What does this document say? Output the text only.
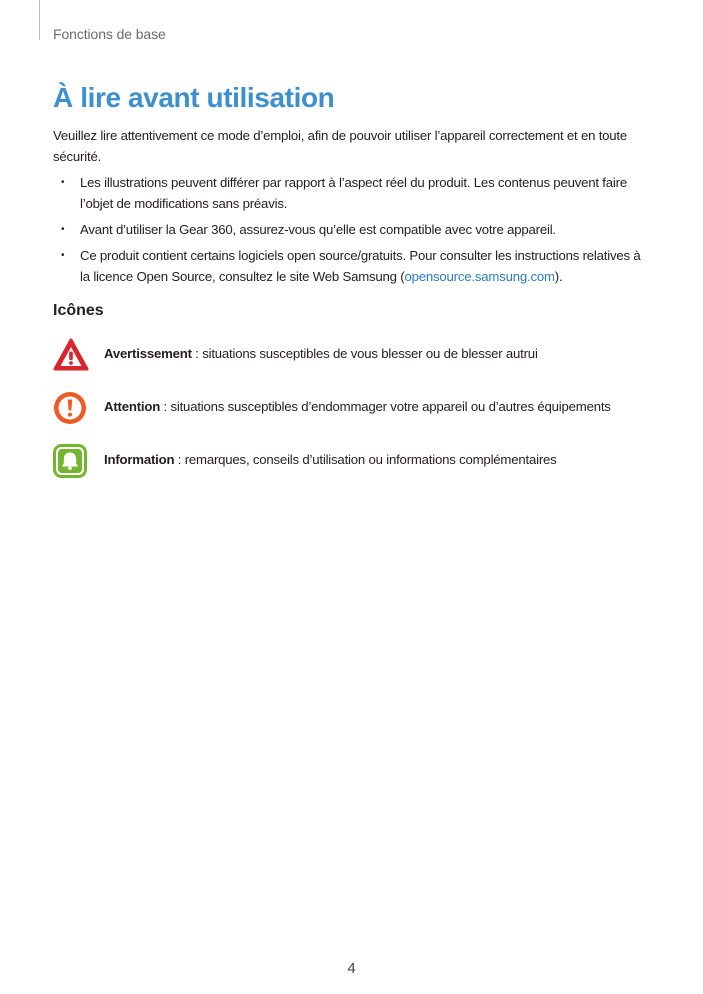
Fonctions de base
À lire avant utilisation

Veuillez lire attentivement ce mode d’emploi, afin de pouvoir utiliser l’appareil correctement et en toute sécurité.

• Les illustrations peuvent différer par rapport à l’aspect réel du produit. Les contenus peuvent faire l’objet de modifications sans préavis.
• Avant d’utiliser la Gear 360, assurez-vous qu’elle est compatible avec votre appareil.
• Ce produit contient certains logiciels open source/gratuits. Pour consulter les instructions relatives à la licence Open Source, consultez le site Web Samsung (opensource.samsung.com).
Icônes
Avertissement : situations susceptibles de vous blesser ou de blesser autrui
Attention : situations susceptibles d’endommager votre appareil ou d’autres équipements
Information : remarques, conseils d’utilisation ou informations complémentaires
4
